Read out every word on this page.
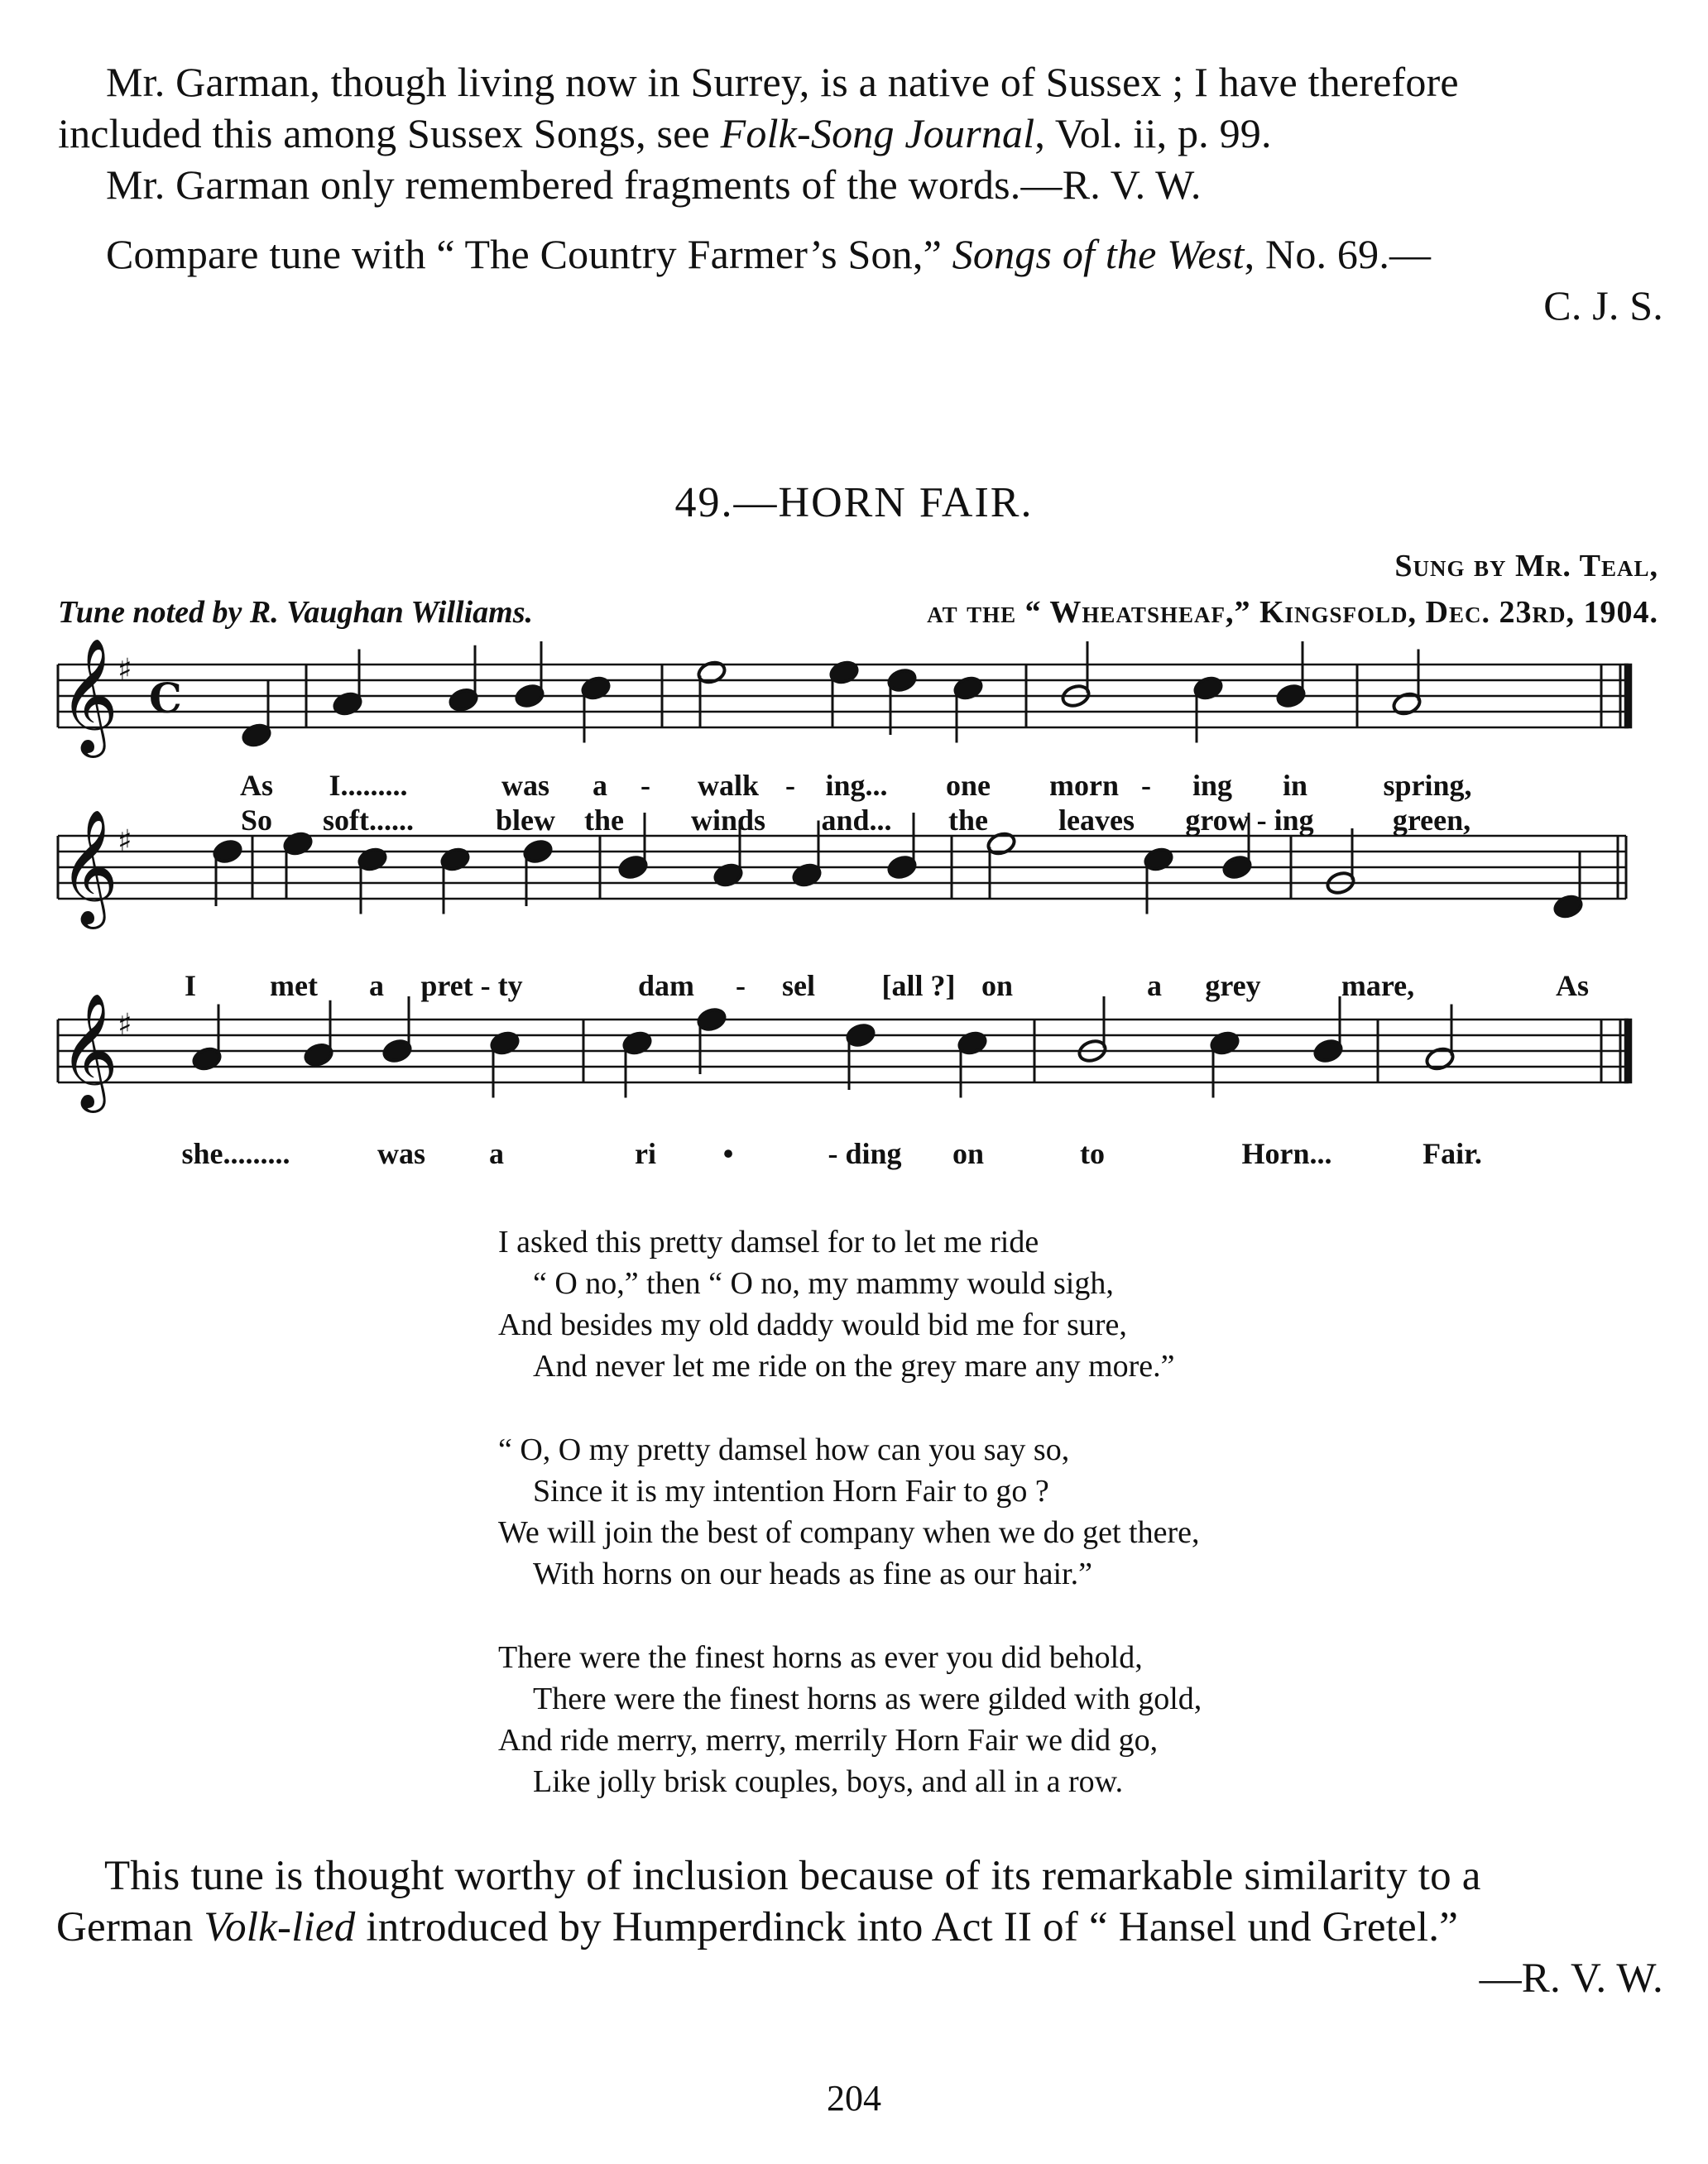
Mr. Garman, though living now in Surrey, is a native of Sussex ; I have therefore
included this among Sussex Songs, see Folk-Song Journal, Vol. ii, p. 99.
Mr. Garman only remembered fragments of the words.—R. V. W.
Compare tune with “ The Country Farmer’s Son,” Songs of the West, No. 69.—
C. J. S.
49.—HORN FAIR.
Sung by Mr. Teal,
Tune noted by R. Vaughan Williams.	at the “ Wheatsheaf,” Kingsfold, Dec. 23rd, 1904.
𝄞 ♯
C
𝄞 ♯
𝄞 ♯
As I.........	was a - walk - ing... one morn - ing in	spring,
So soft......	blew the winds and... the leaves grow - ing	green,
I met a pret - ty	dam - sel [all ?] on	a grey	mare,	As
she.........	was a	ri •	- ding on	to	Horn...	Fair.
I asked this pretty damsel for to let me ride
“ O no,” then “ O no, my mammy would sigh,
And besides my old daddy would bid me for sure,
And never let me ride on the grey mare any more.”
“ O, O my pretty damsel how can you say so,
Since it is my intention Horn Fair to go ?
We will join the best of company when we do get there,
With horns on our heads as fine as our hair.”
There were the finest horns as ever you did behold,
There were the finest horns as were gilded with gold,
And ride merry, merry, merrily Horn Fair we did go,
Like jolly brisk couples, boys, and all in a row.
This tune is thought worthy of inclusion because of its remarkable similarity to a
German Volk-lied introduced by Humperdinck into Act II of “ Hansel und Gretel.”
—R. V. W.
204
